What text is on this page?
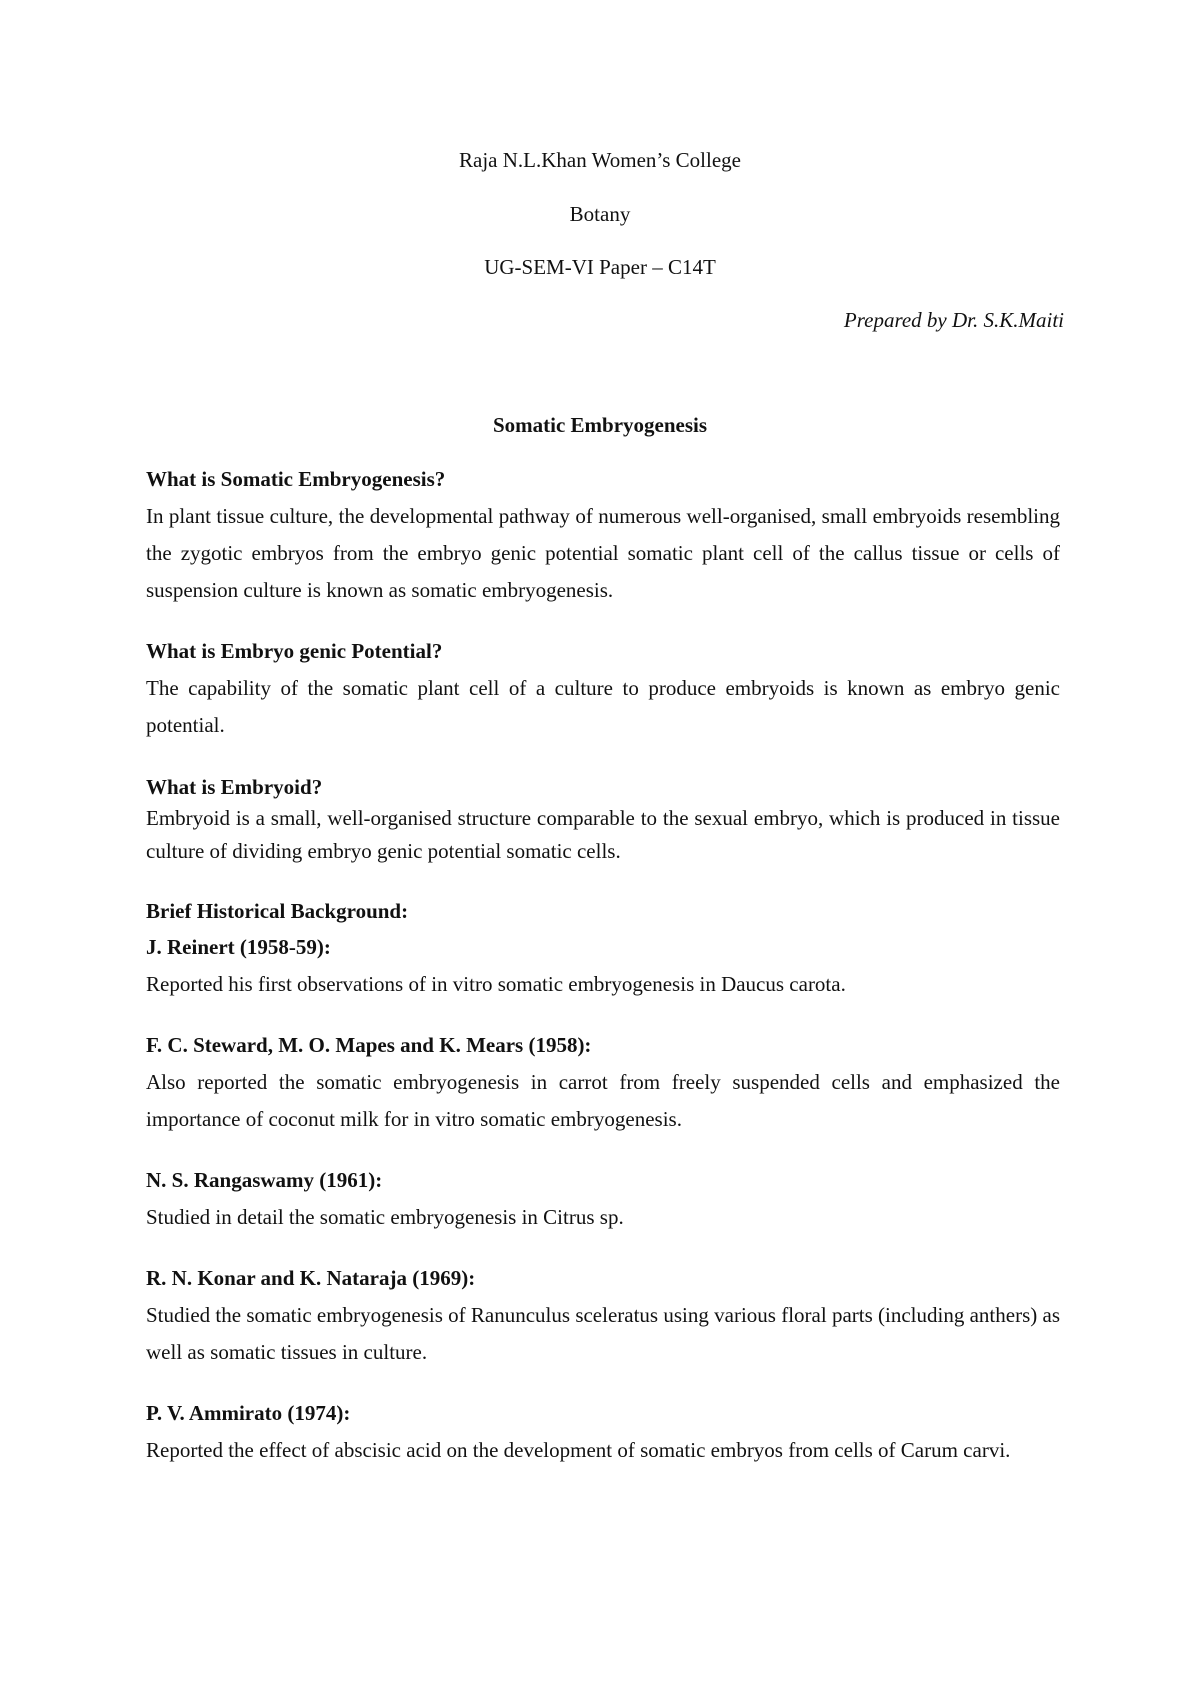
Raja N.L.Khan Women’s College
Botany
UG-SEM-VI Paper – C14T
Prepared by Dr. S.K.Maiti
Somatic Embryogenesis

What is Somatic Embryogenesis?

In plant tissue culture, the developmental pathway of numerous well-organised, small embryoids resembling the zygotic embryos from the embryo genic potential somatic plant cell of the callus tissue or cells of suspension culture is known as somatic embryogenesis.

What is Embryo genic Potential?

The capability of the somatic plant cell of a culture to produce embryoids is known as embryo genic potential.

What is Embryoid?

Embryoid is a small, well-organised structure comparable to the sexual embryo, which is produced in tissue culture of dividing embryo genic potential somatic cells.

Brief Historical Background:

J. Reinert (1958-59):

Reported his first observations of in vitro somatic embryogenesis in Daucus carota.

F. C. Steward, M. O. Mapes and K. Mears (1958):

Also reported the somatic embryogenesis in carrot from freely suspended cells and emphasized the importance of coconut milk for in vitro somatic embryogenesis.

N. S. Rangaswamy (1961):

Studied in detail the somatic embryogenesis in Citrus sp.

R. N. Konar and K. Nataraja (1969):

Studied the somatic embryogenesis of Ranunculus sceleratus using various floral parts (including anthers) as well as somatic tissues in culture.

P. V. Ammirato (1974):

Reported the effect of abscisic acid on the development of somatic embryos from cells of Carum carvi.
